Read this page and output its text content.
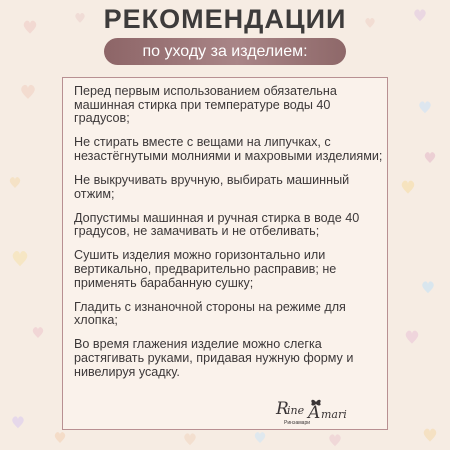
РЕКОМЕНДАЦИИ
по уходу за изделием:

Перед первым использованием обязательна машинная стирка при температуре воды 40 градусов;

Не стирать вместе с вещами на липучках, с незастёгнутыми молниями и махровыми изделиями;

Не выкручивать вручную, выбирать машинный отжим;

Допустимы машинная и ручная стирка в воде 40 градусов, не замачивать и не отбеливать;

Сушить изделия можно горизонтально или вертикально, предварительно расправив; не применять барабанную сушку;

Гладить с изнаночной стороны на режиме для хлопка;

Во время глажения изделие можно слегка растягивать руками, придавая нужную форму и нивелируя усадку.

R
ine A mari
Ринэамари
